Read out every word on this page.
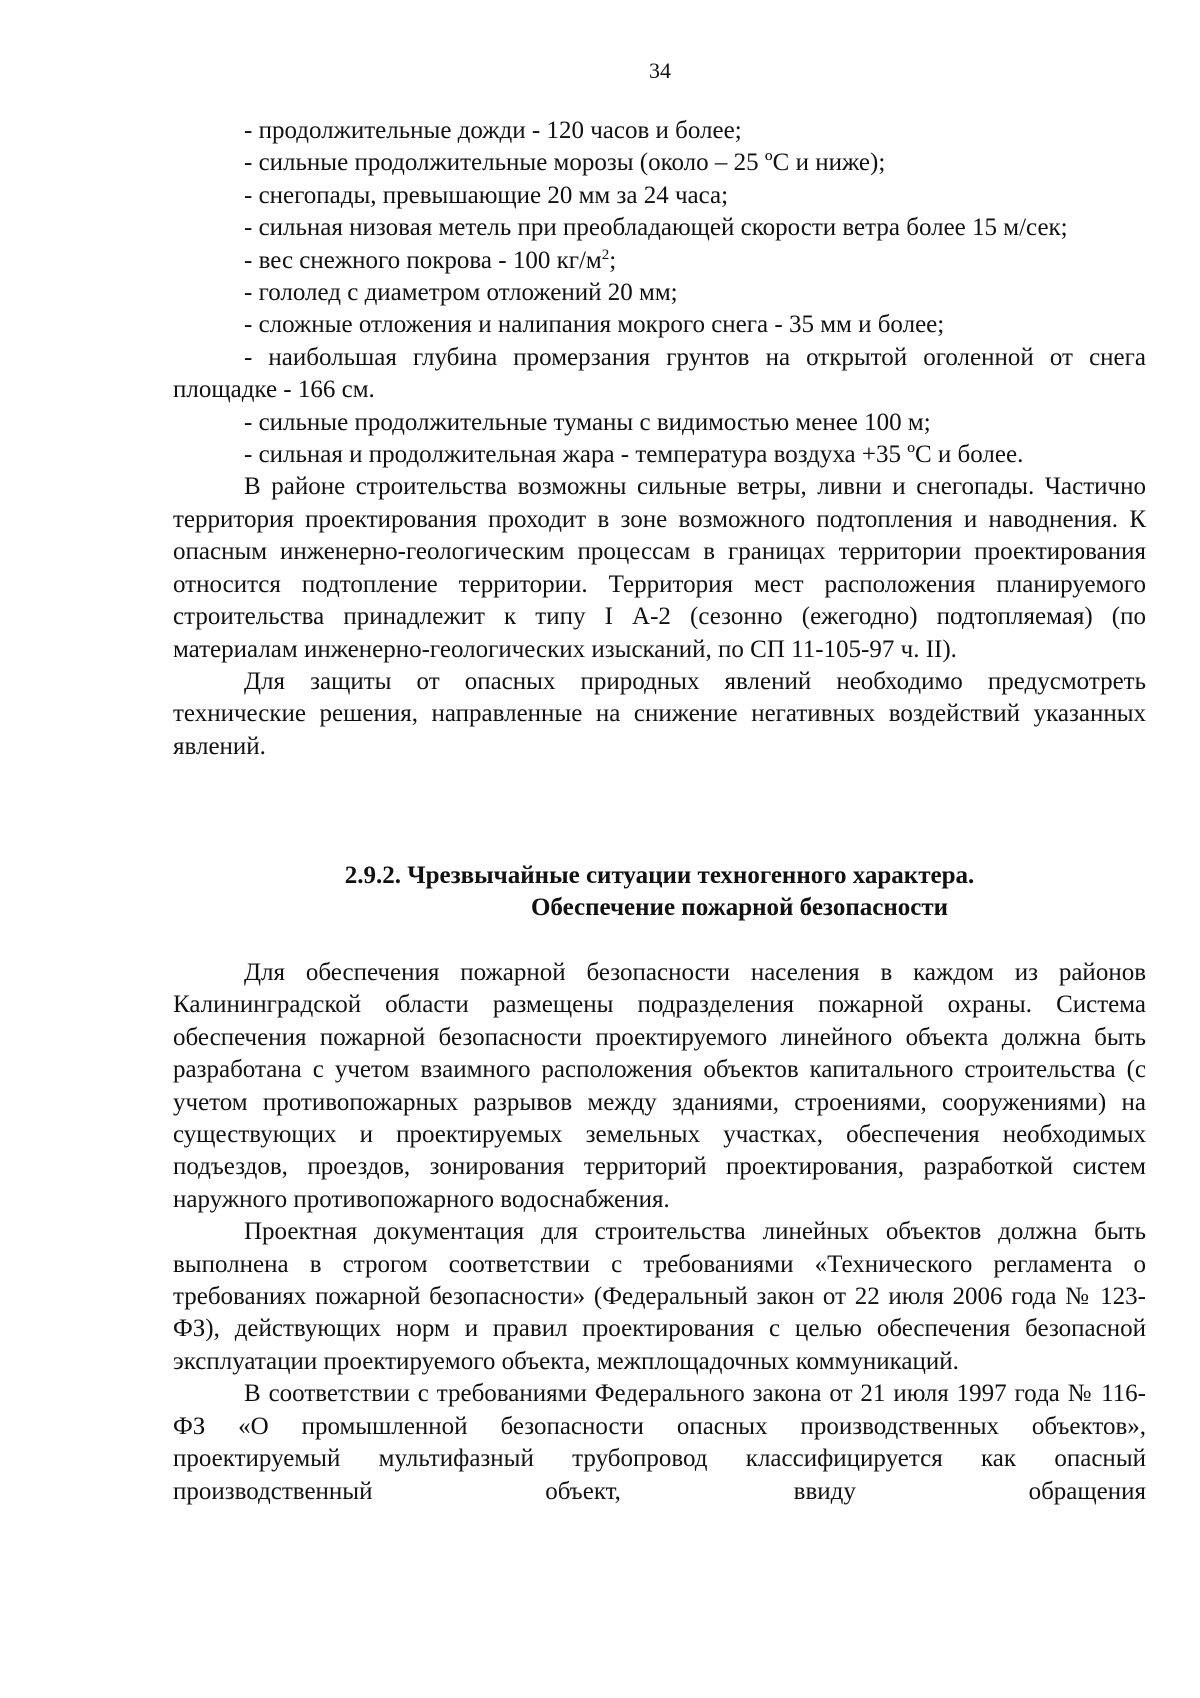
34

- продолжительные дожди - 120 часов и более;

- сильные продолжительные морозы (около – 25 ºС и ниже);

- снегопады, превышающие 20 мм за 24 часа;

- сильная низовая метель при преобладающей скорости ветра более 15 м/сек;

- вес снежного покрова - 100 $кг/м^2$;

- гололед с диаметром отложений 20 мм;

- сложные отложения и налипания мокрого снега - 35 мм и более;

- наибольшая глубина промерзания грунтов на открытой оголенной от снега площадке - 166 см.

- сильные продолжительные туманы с видимостью менее 100 м;

- сильная и продолжительная жара - температура воздуха +35 ºС и более.

В районе строительства возможны сильные ветры, ливни и снегопады. Частично территория проектирования проходит в зоне возможного подтопления и наводнения. К опасным инженерно-геологическим процессам в границах территории проектирования относится подтопление территории. Территория мест расположения планируемого строительства принадлежит к типу I А-2 (сезонно (ежегодно) подтопляемая) (по материалам инженерно-геологических изысканий, по СП 11-105-97 ч. II).

Для защиты от опасных природных явлений необходимо предусмотреть технические решения, направленные на снижение негативных воздействий указанных явлений.

2.9.2. Чрезвычайные ситуации техногенного характера.
Обеспечение пожарной безопасности

Для обеспечения пожарной безопасности населения в каждом из районов Калининградской области размещены подразделения пожарной охраны. Система обеспечения пожарной безопасности проектируемого линейного объекта должна быть разработана с учетом взаимного расположения объектов капитального строительства (с учетом противопожарных разрывов между зданиями, строениями, сооружениями) на существующих и проектируемых земельных участках, обеспечения необходимых подъездов, проездов, зонирования территорий проектирования, разработкой систем наружного противопожарного водоснабжения.

Проектная документация для строительства линейных объектов должна быть выполнена в строгом соответствии с требованиями «Технического регламента о требованиях пожарной безопасности» (Федеральный закон от 22 июля 2006 года № 123-ФЗ), действующих норм и правил проектирования с целью обеспечения безопасной эксплуатации проектируемого объекта, межплощадочных коммуникаций.

В соответствии с требованиями Федерального закона от 21 июля 1997 года № 116-ФЗ «О промышленной безопасности опасных производственных объектов», проектируемый мультифазный трубопровод классифицируется как опасный производственный объект, ввиду обращения
